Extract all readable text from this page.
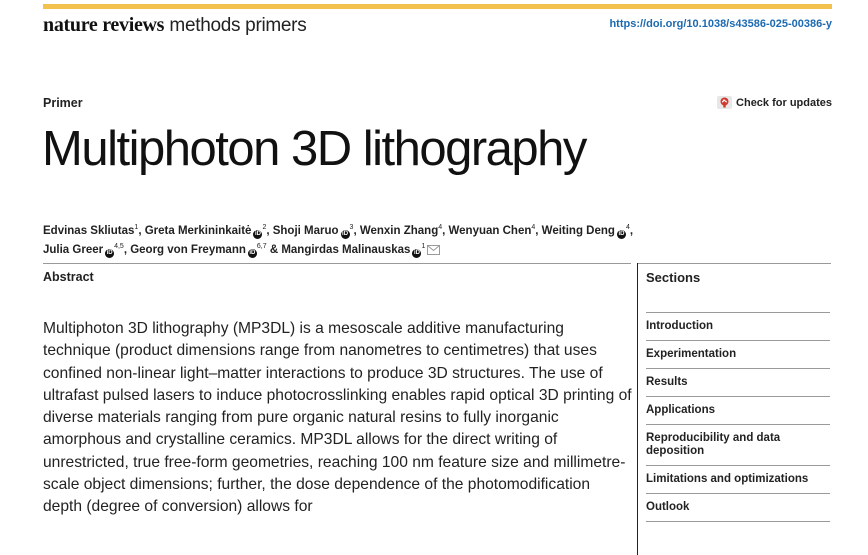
nature reviews methods primers	https://doi.org/10.1038/s43586-025-00386-y
Primer	Check for updates
Multiphoton 3D lithography
Edvinas Skliutas$^1$, Greta Merkininkaitė $iD^2$, Shoji Maruo $iD^3$, Wenxin Zhang$^4$, Wenyuan Chen$^4$, Weiting Deng $iD^4$,
Julia Greer iD$^{4,5}$, Georg von Freymann iD$^{6,7}$ & Mangirdas Malinauskas $iD^1$
Abstract

Multiphoton 3D lithography (MP3DL) is a mesoscale additive manufacturing technique (product dimensions range from nanometres to centimetres) that uses confined non-linear light–matter interactions to produce 3D structures. The use of ultrafast pulsed lasers to induce photocrosslinking enables rapid optical 3D printing of diverse materials ranging from pure organic natural resins to fully inorganic amorphous and crystalline ceramics. MP3DL allows for the direct writing of unrestricted, true free-form geometries, reaching 100 nm feature size and millimetre-scale object dimensions; further, the dose dependence of the photomodification depth (degree of conversion) allows for

Sections
Introduction
Experimentation
Results
Applications
Reproducibility and data deposition
Limitations and optimizations
Outlook
